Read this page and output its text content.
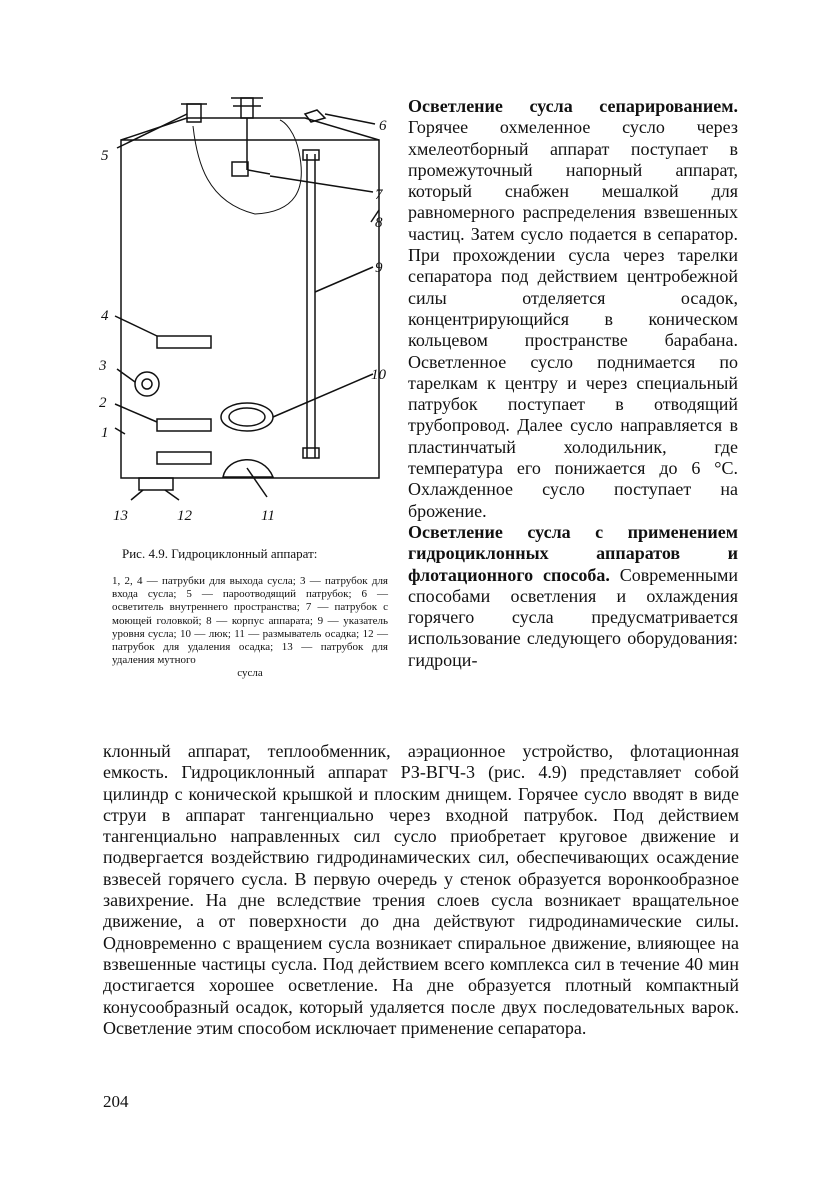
5
6
7
8
9
4
3
10
2
1
13	12	11
Рис. 4.9. Гидроциклонный аппарат:
1, 2, 4 — патрубки для выхода сусла; 3 — патрубок для входа сусла; 5 — пароотводящий патрубок; 6 — осветитель внутреннего пространства; 7 — патрубок с моющей головкой; 8 — корпус аппарата; 9 — указатель уровня сусла; 10 — люк; 11 — размыватель осадка; 12 — патрубок для удаления осадка; 13 — патрубок для удаления мутного
сусла

Осветление сусла сепарированием. Горячее охмеленное сусло через хмелеотборный аппарат поступает в промежуточный напорный аппарат, который снабжен мешалкой для равномерного распределения взвешенных частиц. Затем сусло подается в сепаратор. При прохождении сусла через тарелки сепаратора под действием центробежной силы отделяется осадок, концентрирующийся в коническом кольцевом пространстве барабана. Осветленное сусло поднимается по тарелкам к центру и через специальный патрубок поступает в отводящий трубопровод. Далее сусло направляется в пластинчатый холодильник, где температура его понижается до 6 °С. Охлажденное сусло поступает на брожение.

Осветление сусла с применением гидроциклонных аппаратов и флотационного способа. Современными способами осветления и охлаждения горячего сусла предусматривается использование следующего оборудования: гидроци-

клонный аппарат, теплообменник, аэрационное устройство, флотационная емкость. Гидроциклонный аппарат РЗ-ВГЧ-3 (рис. 4.9) представляет собой цилиндр с конической крышкой и плоским днищем. Горячее сусло вводят в виде струи в аппарат тангенциально через входной патрубок. Под действием тангенциально направленных сил сусло приобретает круговое движение и подвергается воздействию гидродинамических сил, обеспечивающих осаждение взвесей горячего сусла. В первую очередь у стенок образуется воронкообразное завихрение. На дне вследствие трения слоев сусла возникает вращательное движение, а от поверхности до дна действуют гидродинамические силы. Одновременно с вращением сусла возникает спиральное движение, влияющее на взвешенные частицы сусла. Под действием всего комплекса сил в течение 40 мин достигается хорошее осветление. На дне образуется плотный компактный конусообразный осадок, который удаляется после двух последовательных варок. Осветление этим способом исключает применение сепаратора.

204
